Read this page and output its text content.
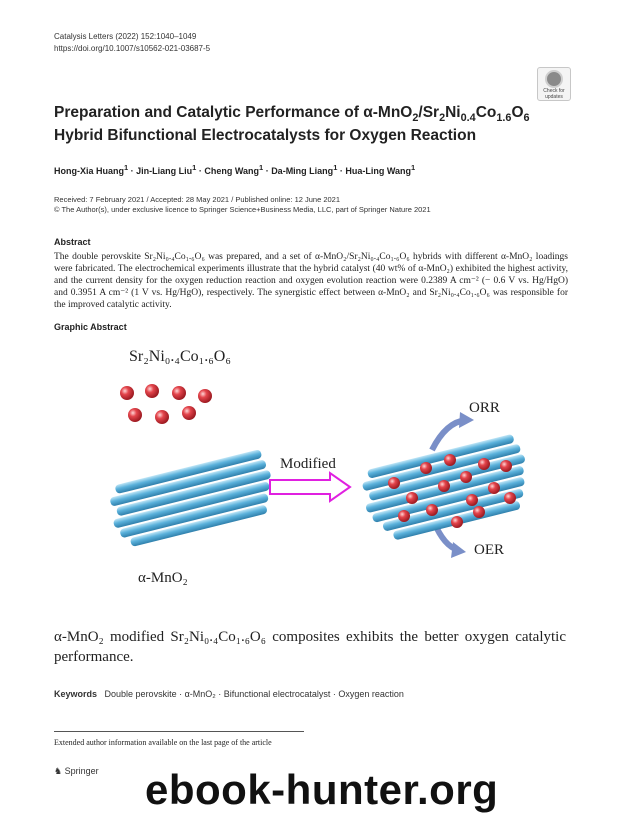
Catalysis Letters (2022) 152:1040–1049
https://doi.org/10.1007/s10562-021-03687-5
Check for
updates
Preparation and Catalytic Performance of $\alpha-MnO_2/Sr_2Ni_{0.4}Co_{1.6}O_6$
Hybrid Bifunctional Electrocatalysts for Oxygen Reaction
Hong-Xia Huang$^1$ · Jin-Liang Liu$^1$ · Cheng Wang$^1$ · Da-Ming Liang$^1$ · Hua-Ling Wang$^1$
Received: 7 February 2021 / Accepted: 28 May 2021 / Published online: 12 June 2021
© The Author(s), under exclusive licence to Springer Science+Business Media, LLC, part of Springer Nature 2021
Abstract
The double perovskite Sr₂Ni₀.₄Co₁.₆O₆ was prepared, and a set of α-MnO₂/Sr₂Ni₀.₄Co₁.₆O₆ hybrids with different α-MnO₂ loadings were fabricated. The electrochemical experiments illustrate that the hybrid catalyst (40 wt% of α-MnO₂) exhibited the highest activity, and the current density for the oxygen reduction reaction and oxygen evolution reaction were 0.2389 A cm⁻² (− 0.6 V vs. Hg/HgO) and 0.3951 A cm⁻² (1 V vs. Hg/HgO), respectively. The synergistic effect between α-MnO₂ and Sr₂Ni₀.₄Co₁.₆O₆ was responsible for the improved catalytic activity.
Graphic Abstract
Sr₂Ni₀.₄Co₁.₆O₆
α-MnO₂
Modified
ORR
OER
α-MnO₂ modified Sr₂Ni₀.₄Co₁.₆O₆ composites exhibits the better oxygen catalytic performance.
Keywords Double perovskite · α-MnO₂ · Bifunctional electrocatalyst · Oxygen reaction
Extended author information available on the last page of the article
♞ Springer ebook-hunter.org
